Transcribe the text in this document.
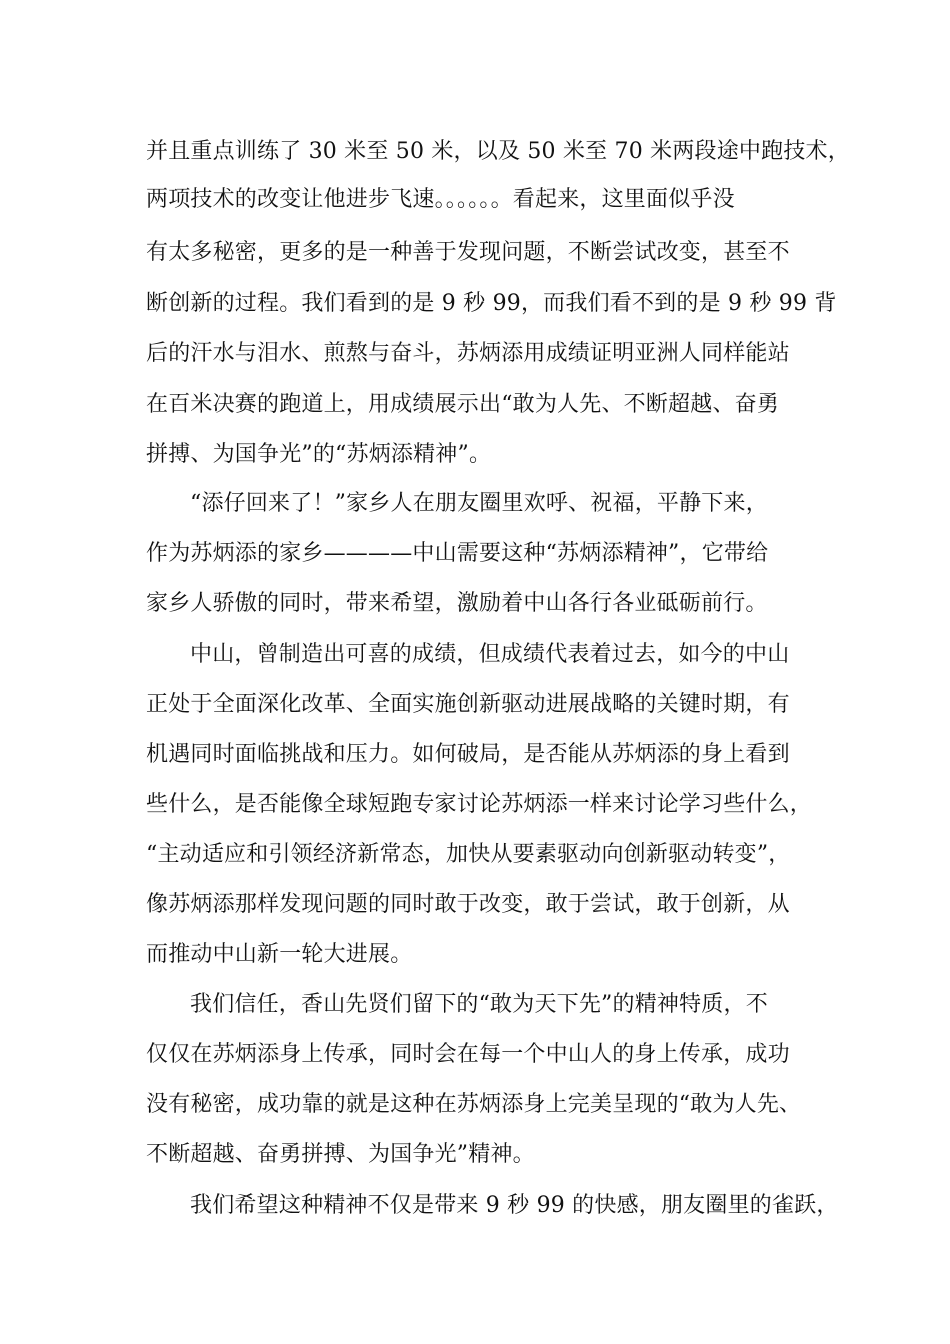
并且重点训练了 30 米至 50 米，以及 50 米至 70 米两段途中跑技术，
两项技术的改变让他进步飞速。。。。。。看起来，这里面似乎没
有太多秘密，更多的是一种善于发现问题，不断尝试改变，甚至不
断创新的过程。我们看到的是 9 秒 99，而我们看不到的是 9 秒 99 背
后的汗水与泪水、煎熬与奋斗，苏炳添用成绩证明亚洲人同样能站
在百米决赛的跑道上，用成绩展示出“敢为人先、不断超越、奋勇
拼搏、为国争光”的“苏炳添精神”。
“添仔回来了！”家乡人在朋友圈里欢呼、祝福，平静下来，
作为苏炳添的家乡————中山需要这种“苏炳添精神”，它带给
家乡人骄傲的同时，带来希望，激励着中山各行各业砥砺前行。
中山，曾制造出可喜的成绩，但成绩代表着过去，如今的中山
正处于全面深化改革、全面实施创新驱动进展战略的关键时期，有
机遇同时面临挑战和压力。如何破局，是否能从苏炳添的身上看到
些什么，是否能像全球短跑专家讨论苏炳添一样来讨论学习些什么，
“主动适应和引领经济新常态，加快从要素驱动向创新驱动转变”，
像苏炳添那样发现问题的同时敢于改变，敢于尝试，敢于创新，从
而推动中山新一轮大进展。
我们信任，香山先贤们留下的“敢为天下先”的精神特质，不
仅仅在苏炳添身上传承，同时会在每一个中山人的身上传承，成功
没有秘密，成功靠的就是这种在苏炳添身上完美呈现的“敢为人先、
不断超越、奋勇拼搏、为国争光”精神。
我们希望这种精神不仅是带来 9 秒 99 的快感，朋友圈里的雀跃，
